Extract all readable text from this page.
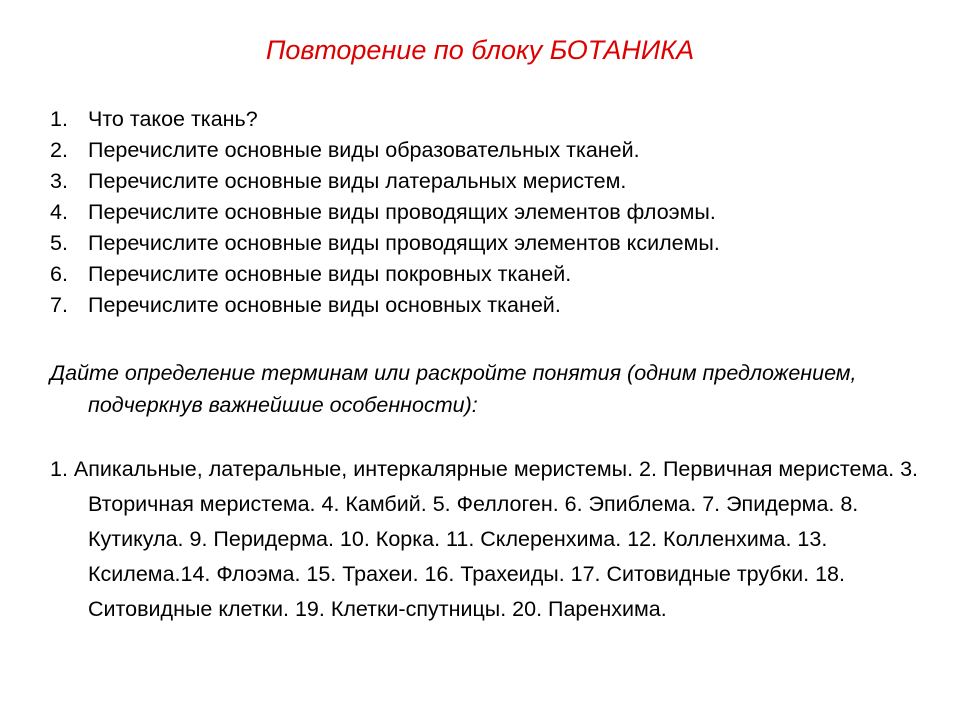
Повторение по блоку БОТАНИКА
1. Что такое ткань?
2. Перечислите основные виды образовательных тканей.
3. Перечислите основные виды латеральных меристем.
4. Перечислите основные виды проводящих элементов флоэмы.
5. Перечислите основные виды проводящих элементов ксилемы.
6. Перечислите основные виды покровных тканей.
7. Перечислите основные виды основных тканей.
Дайте определение терминам или раскройте понятия (одним предложением, подчеркнув важнейшие особенности):
1. Апикальные, латеральные, интеркалярные меристемы. 2. Первичная меристема. 3. Вторичная меристема. 4. Камбий. 5. Феллоген. 6. Эпиблема. 7. Эпидерма. 8. Кутикула. 9. Перидерма. 10. Корка. 11. Склеренхима. 12. Колленхима. 13. Ксилема.14. Флоэма. 15. Трахеи. 16. Трахеиды. 17. Ситовидные трубки. 18. Ситовидные клетки. 19. Клетки-спутницы. 20. Паренхима.
